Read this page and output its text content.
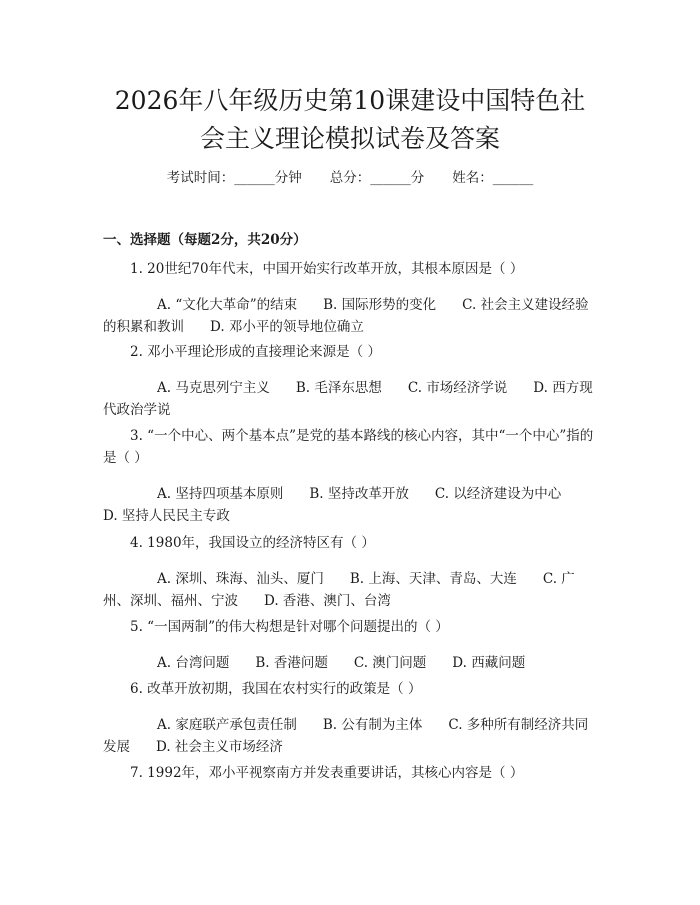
2026年八年级历史第10课建设中国特色社
会主义理论模拟试卷及答案
考试时间：______分钟 总分：______分 姓名：______
一、选择题（每题2分，共20分）
1. 20世纪70年代末，中国开始实行改革开放，其根本原因是（ ）
A. “文化大革命”的结束 B. 国际形势的变化 C. 社会主义建设经验的积累和教训 D. 邓小平的领导地位确立
2. 邓小平理论形成的直接理论来源是（ ）
A. 马克思列宁主义 B. 毛泽东思想 C. 市场经济学说 D. 西方现代政治学说
3. “一个中心、两个基本点”是党的基本路线的核心内容，其中“一个中心”指的是（ ）
A. 坚持四项基本原则 B. 坚持改革开放 C. 以经济建设为中心D. 坚持人民民主专政
4. 1980年，我国设立的经济特区有（ ）
A. 深圳、珠海、汕头、厦门 B. 上海、天津、青岛、大连 C. 广州、深圳、福州、宁波 D. 香港、澳门、台湾
5. “一国两制”的伟大构想是针对哪个问题提出的（ ）
A. 台湾问题 B. 香港问题 C. 澳门问题 D. 西藏问题
6. 改革开放初期，我国在农村实行的政策是（ ）
A. 家庭联产承包责任制 B. 公有制为主体 C. 多种所有制经济共同发展 D. 社会主义市场经济
7. 1992年，邓小平视察南方并发表重要讲话，其核心内容是（ ）
